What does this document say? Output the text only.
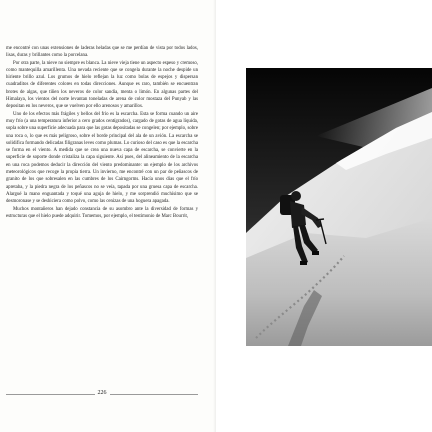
me encontré con unas extensiones de laderas heladas que se me perdían de vista por todos lados, lisas, duras y brillantes como la porcelana.

Por otra parte, la nieve no siempre es blanca. La nieve vieja tiene un aspecto espeso y cremoso, como mantequilla amarillenta. Una nevada reciente que se congela durante la noche despide un hiriente brillo azul. Los grumos de hielo reflejan la luz como bolas de espejos y dispersan cuadraditos de diferentes colores en todas direcciones. Aunque es raro, también se encuentran brotes de algas, que tiñen los neveros de color sandía, menta o limón. En algunas partes del Himalaya, los vientos del norte levantan toneladas de arena de color mostaza del Punyab y las depositan en los neveros, que se vuelven por ello arenosos y amarillos.

Uno de los efectos más frágiles y bellos del frío es la escarcha. Esta se forma cuando un aire muy frío (a una temperatura inferior a cero grados centígrados), cargado de gotas de agua líquida, sopla sobre una superficie adecuada para que las gotas depositadas se congelen; por ejemplo, sobre una roca o, lo que es más peligroso, sobre el borde principal del ala de un avión. La escarcha se solidifica formando delicadas filigranas leves como plumas. Lo curioso del caso es que la escarcha se forma en el viento. A medida que se crea una nueva capa de escarcha, se convierte en la superficie de soporte donde cristaliza la capa siguiente. Así pues, del alineamiento de la escarcha en una roca podemos deducir la dirección del viento predominante: un ejemplo de los archivos meteorológicos que recoge la propia tierra. Un invierno, me encontré con un par de peñascos de granito de los que sobresalen en las cumbres de los Cairngorms. Hacía unos días que el frío apretaba, y la piedra negra de los peñascos no se veía, tapada por una gruesa capa de escarcha. Alargué la mano enguantada y toqué una aguja de hielo, y me sorprendió muchísimo que se desmoronase y se deshiciera como polvo, como las cenizas de una hoguera apagada.

Muchos montañeros han dejado constancia de su asombro ante la diversidad de formas y estructuras que el hielo puede adquirir. Tomemos, por ejemplo, el testimonio de Marc Bourrit,

226
